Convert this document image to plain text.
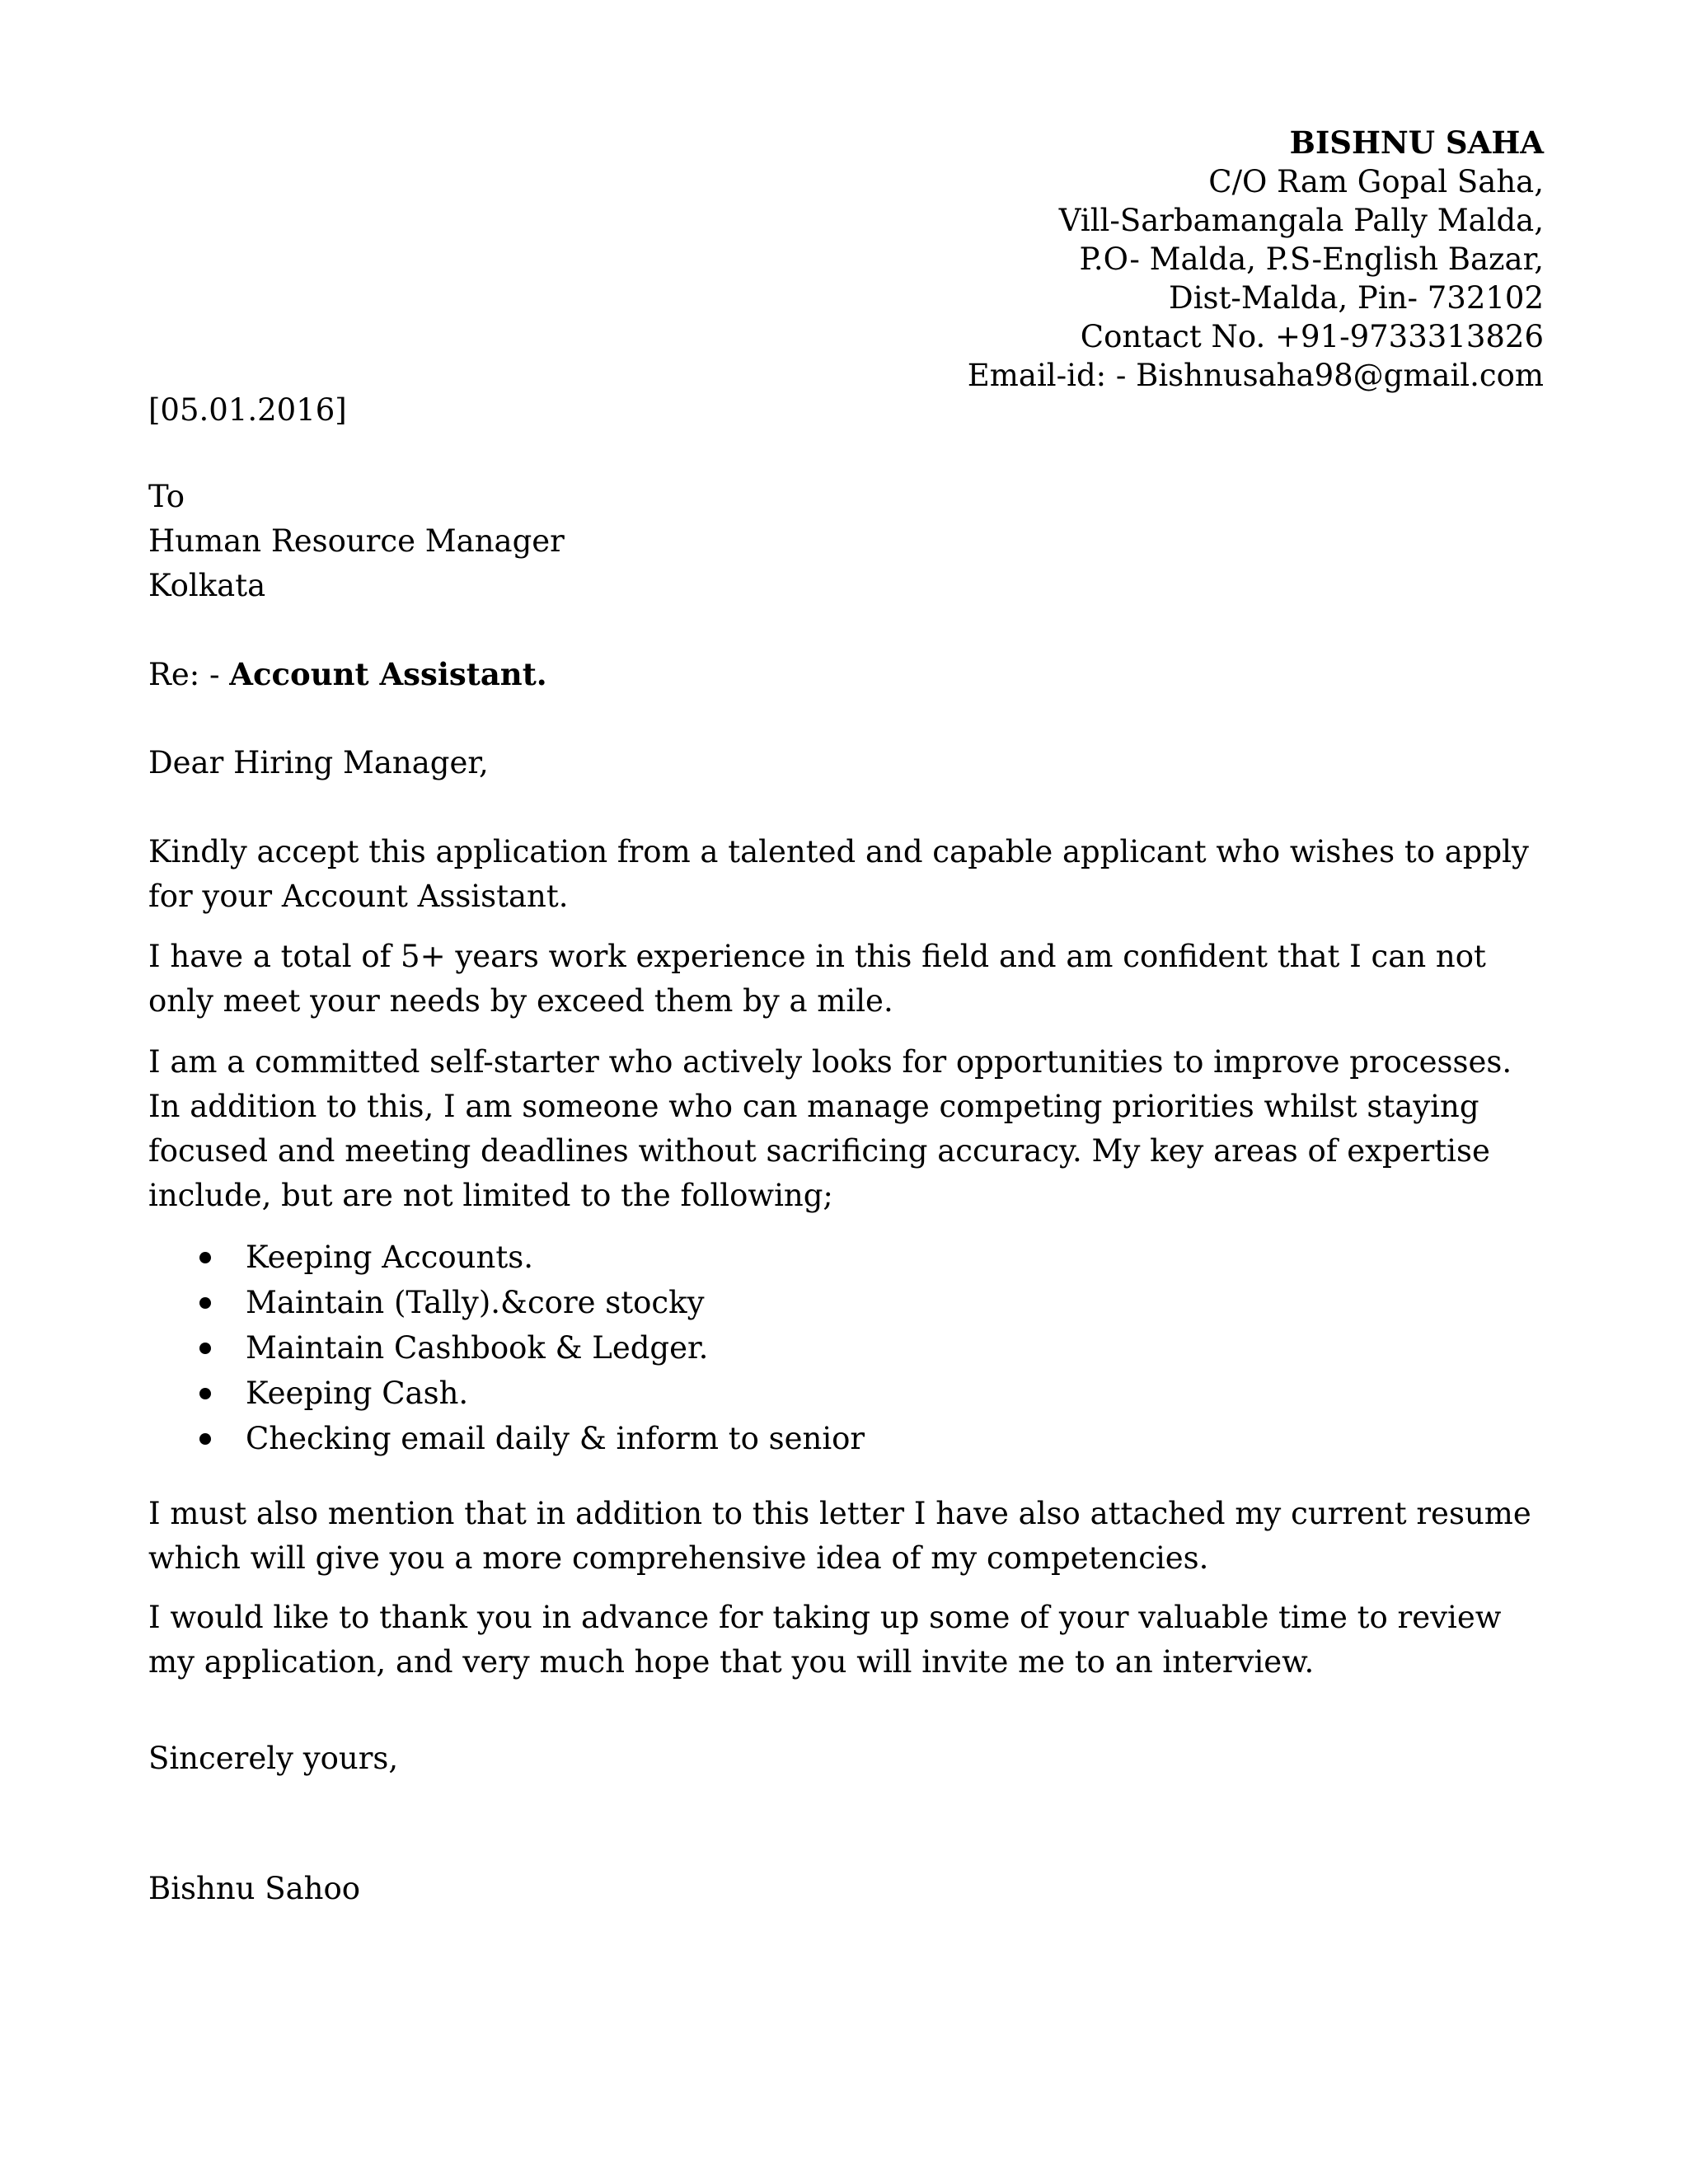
BISHNU SAHA
C/O Ram Gopal Saha,
Vill-Sarbamangala Pally Malda,
P.O- Malda, P.S-English Bazar,
Dist-Malda, Pin- 732102
Contact No. +91-9733313826
Email-id: - Bishnusaha98@gmail.com
[05.01.2016]
To
Human Resource Manager
Kolkata
Re: - Account Assistant.
Dear Hiring Manager,
Kindly accept this application from a talented and capable applicant who wishes to apply for your Account Assistant.
I have a total of 5+ years work experience in this field and am confident that I can not only meet your needs by exceed them by a mile.
I am a committed self-starter who actively looks for opportunities to improve processes. In addition to this, I am someone who can manage competing priorities whilst staying focused and meeting deadlines without sacrificing accuracy. My key areas of expertise include, but are not limited to the following;
Keeping Accounts.
Maintain (Tally).&core stocky
Maintain Cashbook & Ledger.
Keeping Cash.
Checking email daily & inform to senior
I must also mention that in addition to this letter I have also attached my current resume which will give you a more comprehensive idea of my competencies.
I would like to thank you in advance for taking up some of your valuable time to review my application, and very much hope that you will invite me to an interview.
Sincerely yours,
Bishnu Sahoo
